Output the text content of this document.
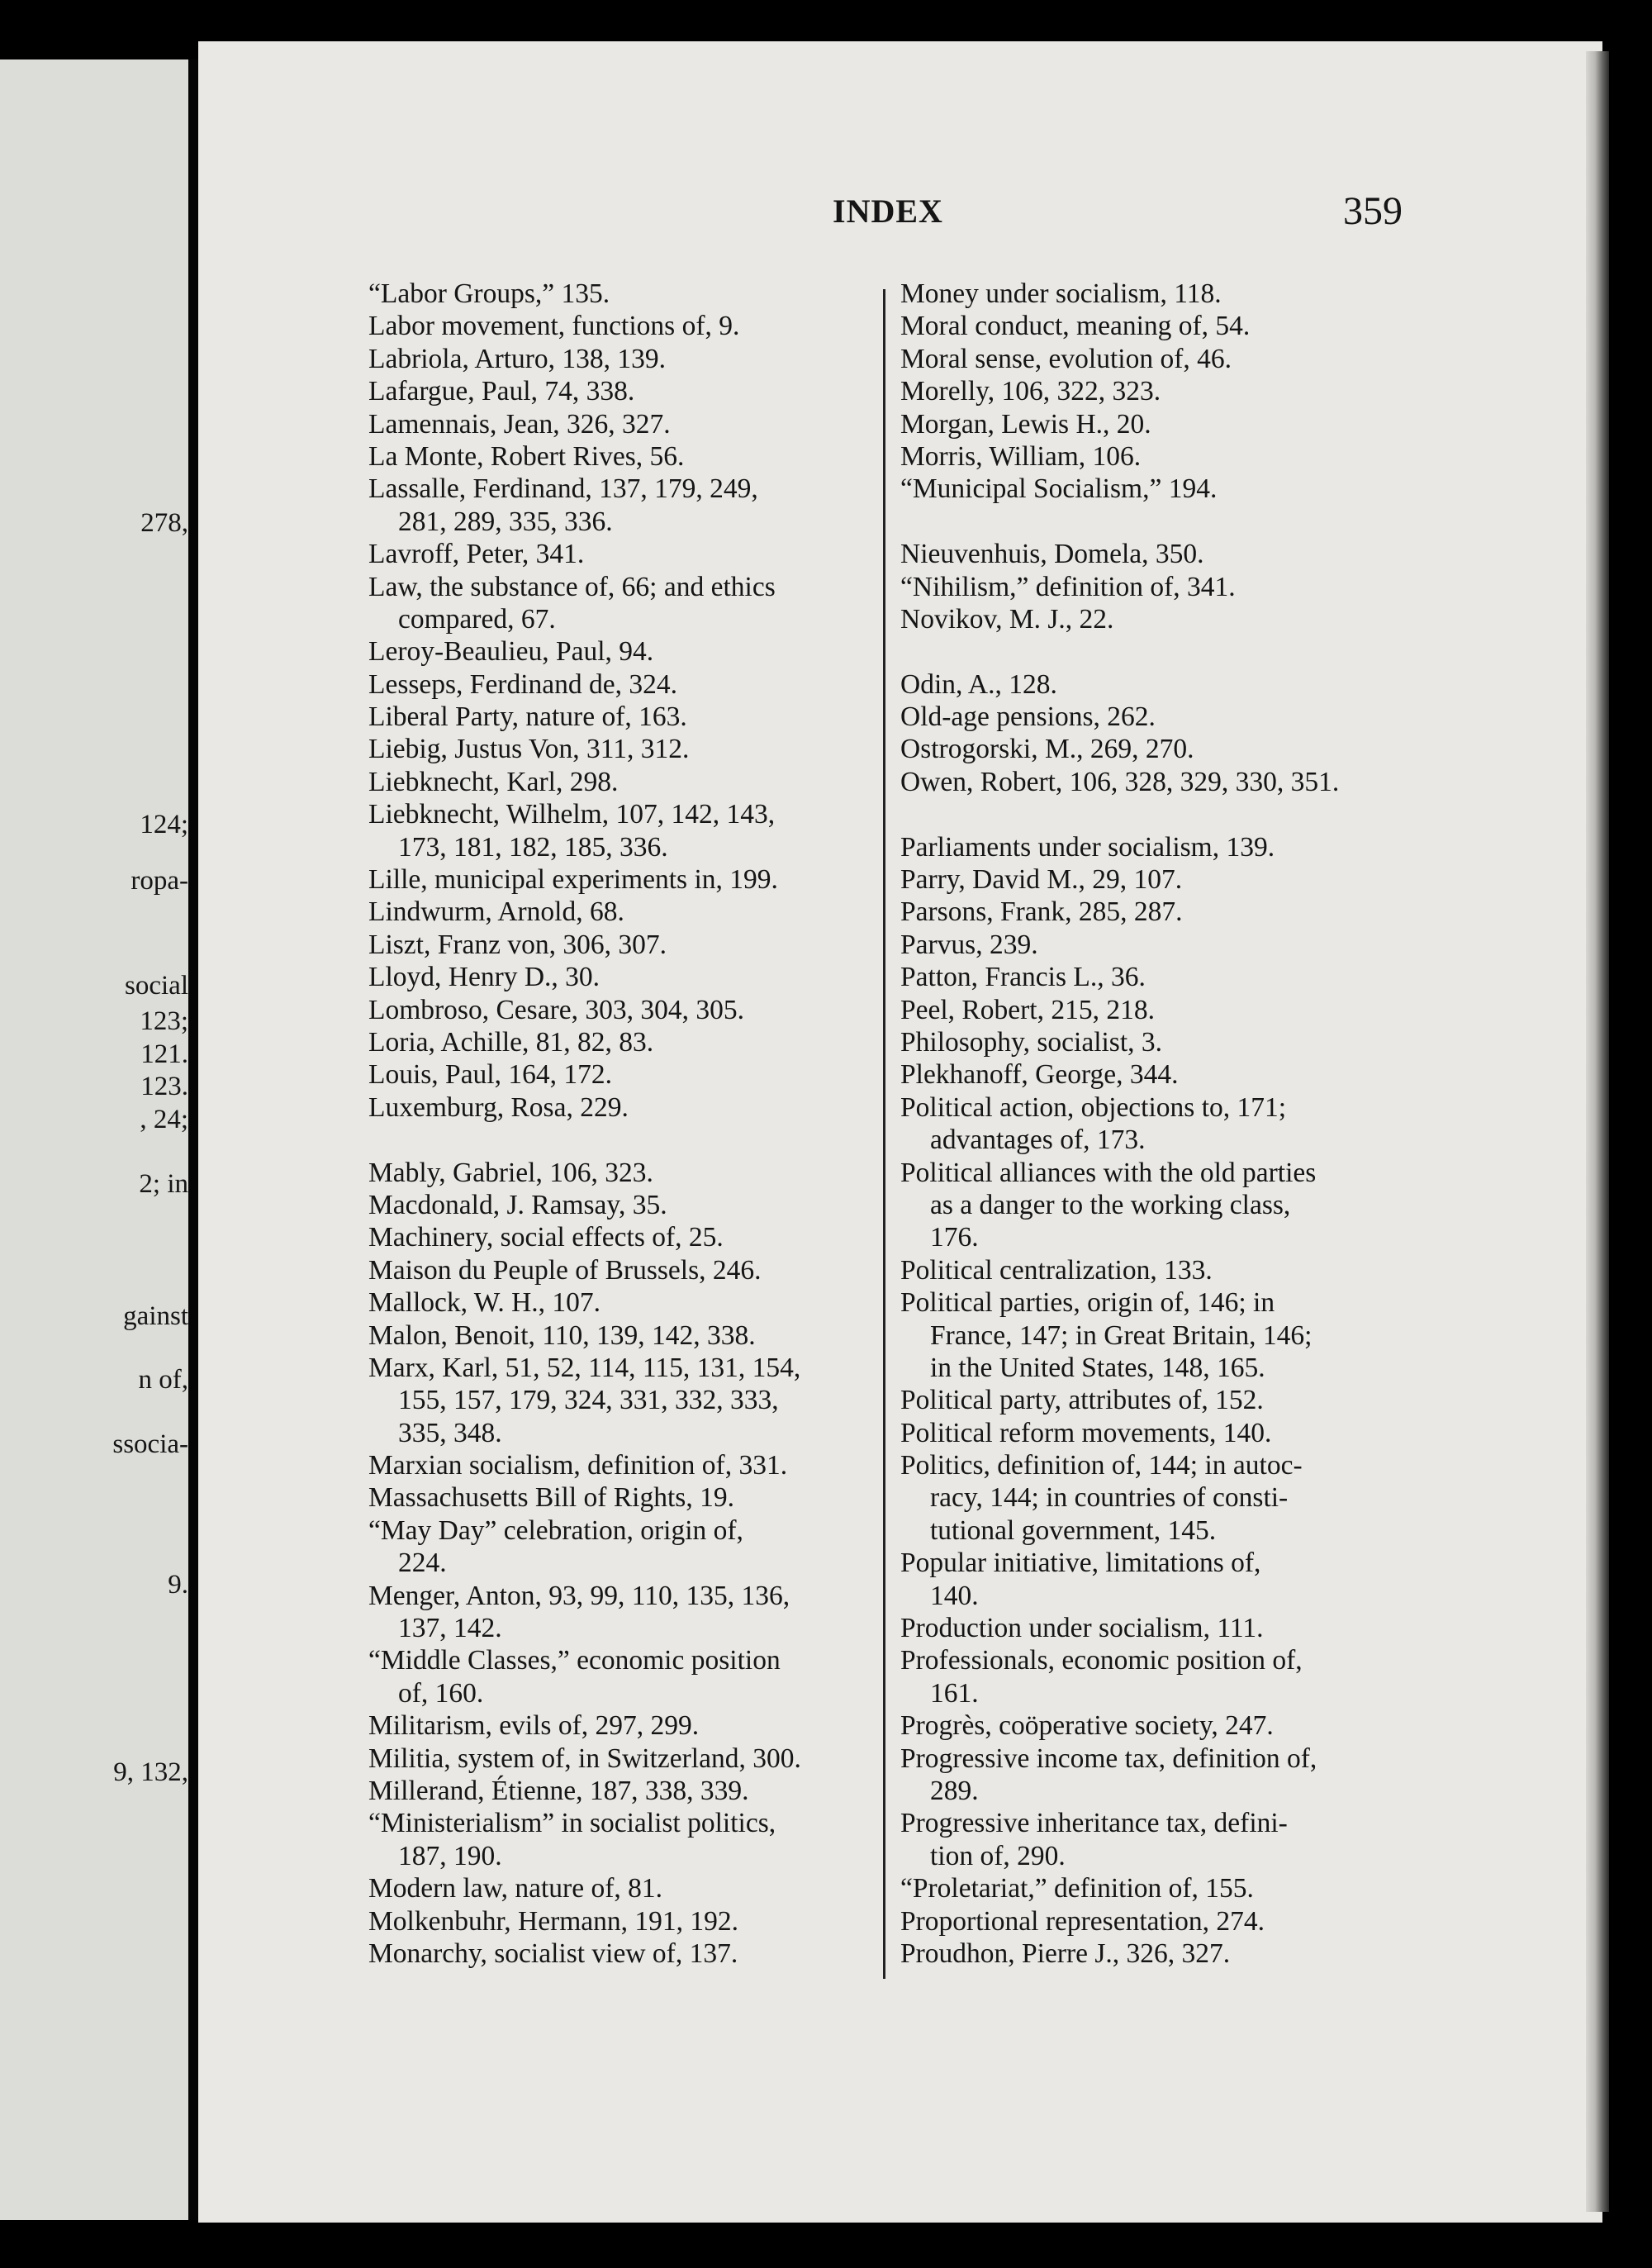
INDEX	359
278,
124;
ropa-
social
123;
121.
123.
, 24;
2; in
gainst
n of,
ssocia-
9.
9, 132,
“Labor Groups,” 135.
Labor movement, functions of, 9.
Labriola, Arturo, 138, 139.
Lafargue, Paul, 74, 338.
Lamennais, Jean, 326, 327.
La Monte, Robert Rives, 56.
Lassalle, Ferdinand, 137, 179, 249,
281, 289, 335, 336.
Lavroff, Peter, 341.
Law, the substance of, 66; and ethics
compared, 67.
Leroy-Beaulieu, Paul, 94.
Lesseps, Ferdinand de, 324.
Liberal Party, nature of, 163.
Liebig, Justus Von, 311, 312.
Liebknecht, Karl, 298.
Liebknecht, Wilhelm, 107, 142, 143,
173, 181, 182, 185, 336.
Lille, municipal experiments in, 199.
Lindwurm, Arnold, 68.
Liszt, Franz von, 306, 307.
Lloyd, Henry D., 30.
Lombroso, Cesare, 303, 304, 305.
Loria, Achille, 81, 82, 83.
Louis, Paul, 164, 172.
Luxemburg, Rosa, 229.
Mably, Gabriel, 106, 323.
Macdonald, J. Ramsay, 35.
Machinery, social effects of, 25.
Maison du Peuple of Brussels, 246.
Mallock, W. H., 107.
Malon, Benoit, 110, 139, 142, 338.
Marx, Karl, 51, 52, 114, 115, 131, 154,
155, 157, 179, 324, 331, 332, 333,
335, 348.
Marxian socialism, definition of, 331.
Massachusetts Bill of Rights, 19.
“May Day” celebration, origin of,
224.
Menger, Anton, 93, 99, 110, 135, 136,
137, 142.
“Middle Classes,” economic position
of, 160.
Militarism, evils of, 297, 299.
Militia, system of, in Switzerland, 300.
Millerand, Étienne, 187, 338, 339.
“Ministerialism” in socialist politics,
187, 190.
Modern law, nature of, 81.
Molkenbuhr, Hermann, 191, 192.
Monarchy, socialist view of, 137.
Money under socialism, 118.
Moral conduct, meaning of, 54.
Moral sense, evolution of, 46.
Morelly, 106, 322, 323.
Morgan, Lewis H., 20.
Morris, William, 106.
“Municipal Socialism,” 194.
Nieuvenhuis, Domela, 350.
“Nihilism,” definition of, 341.
Novikov, M. J., 22.
Odin, A., 128.
Old-age pensions, 262.
Ostrogorski, M., 269, 270.
Owen, Robert, 106, 328, 329, 330, 351.
Parliaments under socialism, 139.
Parry, David M., 29, 107.
Parsons, Frank, 285, 287.
Parvus, 239.
Patton, Francis L., 36.
Peel, Robert, 215, 218.
Philosophy, socialist, 3.
Plekhanoff, George, 344.
Political action, objections to, 171;
advantages of, 173.
Political alliances with the old parties
as a danger to the working class,
176.
Political centralization, 133.
Political parties, origin of, 146; in
France, 147; in Great Britain, 146;
in the United States, 148, 165.
Political party, attributes of, 152.
Political reform movements, 140.
Politics, definition of, 144; in autoc-
racy, 144; in countries of consti-
tutional government, 145.
Popular initiative, limitations of,
140.
Production under socialism, 111.
Professionals, economic position of,
161.
Progrès, coöperative society, 247.
Progressive income tax, definition of,
289.
Progressive inheritance tax, defini-
tion of, 290.
“Proletariat,” definition of, 155.
Proportional representation, 274.
Proudhon, Pierre J., 326, 327.
